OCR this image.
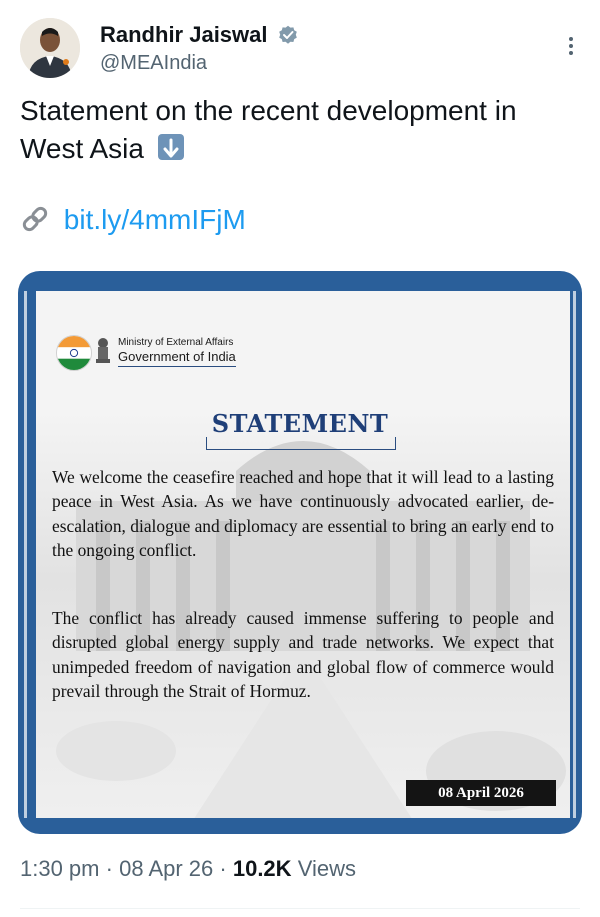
Randhir Jaiswal
@MEAIndia
Statement on the recent development in West Asia
bit.ly/4mmIFjM
Ministry of External Affairs
Government of India
STATEMENT
We welcome the ceasefire reached and hope that it will lead to a lasting peace in West Asia. As we have continuously advocated earlier, de-escalation, dialogue and diplomacy are essential to bring an early end to the ongoing conflict.
The conflict has already caused immense suffering to people and disrupted global energy supply and trade networks. We expect that unimpeded freedom of navigation and global flow of commerce would prevail through the Strait of Hormuz.
08 April 2026
1:30 pm · 08 Apr 26 · 10.2K Views
